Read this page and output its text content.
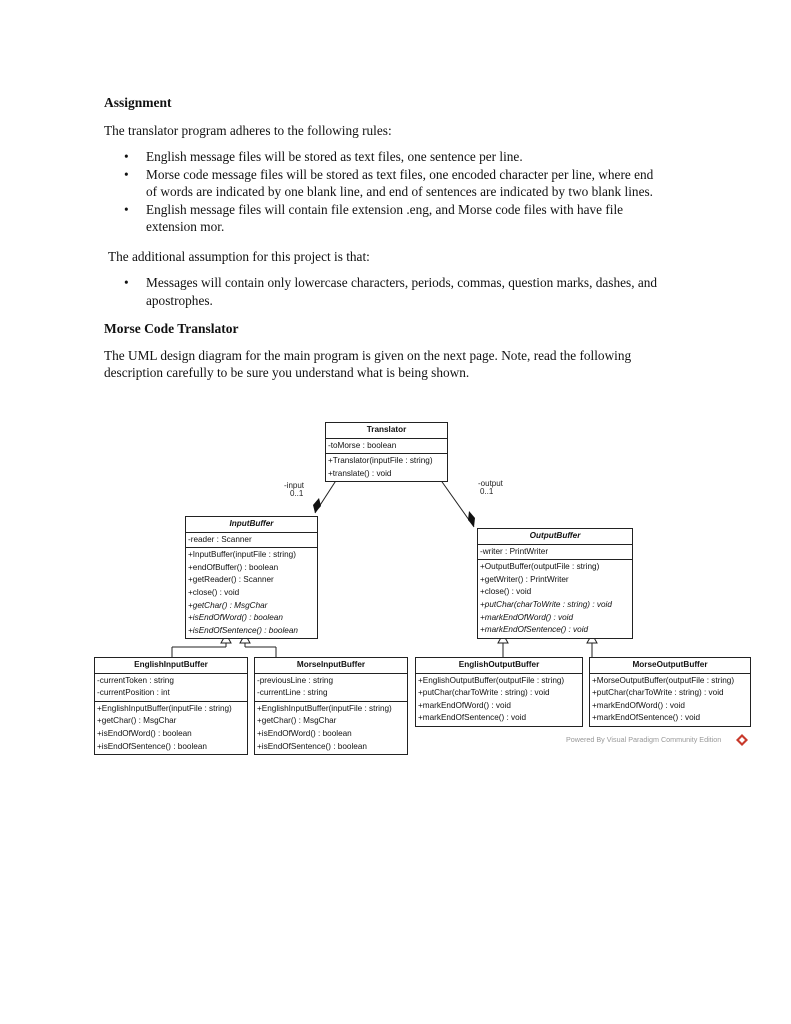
Assignment

The translator program adheres to the following rules:

• English message files will be stored as text files, one sentence per line.
• Morse code message files will be stored as text files, one encoded character per line, where end of words are indicated by one blank line, and end of sentences are indicated by two blank lines.
• English message files will contain file extension .eng, and Morse code files with have file extension mor.

The additional assumption for this project is that:

• Messages will contain only lowercase characters, periods, commas, question marks, dashes, and apostrophes.
Morse Code Translator

The UML design diagram for the main program is given on the next page. Note, read the following description carefully to be sure you understand what is being shown.

-input
0..1
-output
0..1
Translator
-toMorse : boolean
+Translator(inputFile : string)
+translate() : void
InputBuffer
-reader : Scanner
+InputBuffer(inputFile : string)
+endOfBuffer() : boolean
+getReader() : Scanner
+close() : void
+getChar() : MsgChar
+isEndOfWord() : boolean
+isEndOfSentence() : boolean
OutputBuffer
-writer : PrintWriter
+OutputBuffer(outputFile : string)
+getWriter() : PrintWriter
+close() : void
+putChar(charToWrite : string) : void
+markEndOfWord() : void
+markEndOfSentence() : void
EnglishInputBuffer
-currentToken : string
-currentPosition : int
+EnglishInputBuffer(inputFile : string)
+getChar() : MsgChar
+isEndOfWord() : boolean
+isEndOfSentence() : boolean
MorseInputBuffer
-previousLine : string
-currentLine : string
+EnglishInputBuffer(inputFile : string)
+getChar() : MsgChar
+isEndOfWord() : boolean
+isEndOfSentence() : boolean
EnglishOutputBuffer
+EnglishOutputBuffer(outputFile : string)
+putChar(charToWrite : string) : void
+markEndOfWord() : void
+markEndOfSentence() : void
MorseOutputBuffer
+MorseOutputBuffer(outputFile : string)
+putChar(charToWrite : string) : void
+markEndOfWord() : void
+markEndOfSentence() : void
Powered By Visual Paradigm Community Edition
